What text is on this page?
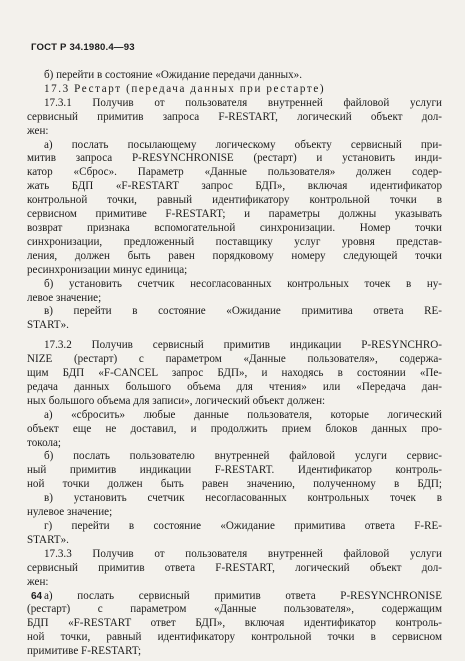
ГОСТ Р 34.1980.4—93
б) перейти в состояние «Ожидание передачи данных».
17.3 Рестарт (передача данных при рестарте)
17.3.1 Получив от пользователя внутренней файловой услуги
сервисный примитив запроса F-RESTART, логический объект дол-
жен:
а) послать посылающему логическому объекту сервисный при-
митив запроса P-RESYNCHRONISE (рестарт) и установить инди-
катор «Сброс». Параметр «Данные пользователя» должен содер-
жать БДП «F-RESTART запрос БДП», включая идентификатор
контрольной точки, равный идентификатору контрольной точки в
сервисном примитиве F-RESTART; и параметры должны указывать
возврат признака вспомогательной синхронизации. Номер точки
синхронизации, предложенный поставщику услуг уровня представ-
ления, должен быть равен порядковому номеру следующей точки
ресинхронизации минус единица;
б) установить счетчик несогласованных контрольных точек в ну-
левое значение;
в) перейти в состояние «Ожидание примитива ответа RE-
START».
17.3.2 Получив сервисный примитив индикации P-RESYNCHRO-
NIZE (рестарт) с параметром «Данные пользователя», содержа-
щим БДП «F-CANCEL запрос БДП», и находясь в состоянии «Пе-
редача данных большого объема для чтения» или «Передача дан-
ных большого объема для записи», логический объект должен:
а) «сбросить» любые данные пользователя, которые логический
объект еще не доставил, и продолжить прием блоков данных про-
токола;
б) послать пользователю внутренней файловой услуги сервис-
ный примитив индикации F-RESTART. Идентификатор контроль-
ной точки должен быть равен значению, полученному в БДП;
в) установить счетчик несогласованных контрольных точек в
нулевое значение;
г) перейти в состояние «Ожидание примитива ответа F-RE-
START».
17.3.3 Получив от пользователя внутренней файловой услуги
сервисный примитив ответа F-RESTART, логический объект дол-
жен:
а) послать сервисный примитив ответа P-RESYNCHRONISE
(рестарт) с параметром «Данные пользователя», содержащим
БДП «F-RESTART ответ БДП», включая идентификатор контроль-
ной точки, равный идентификатору контрольной точки в сервисном
примитиве F-RESTART;
64
